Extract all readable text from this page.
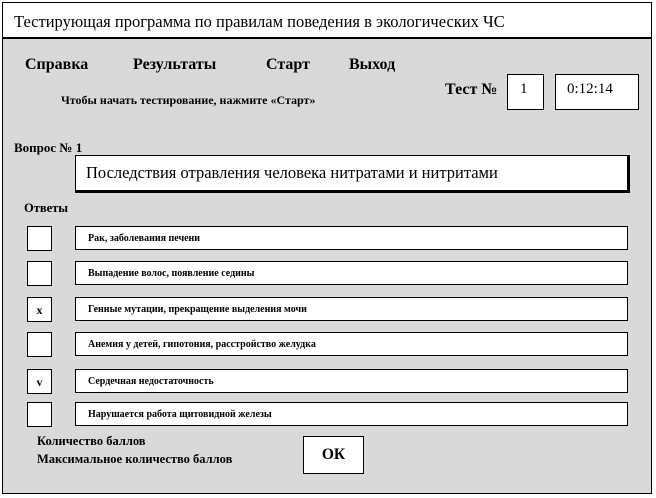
Тестирующая программа по правилам поведения в экологических ЧС
Справка	Результаты	Старт Выход
Чтобы начать тестирование, нажмите «Старт»
Тест №	1	0:12:14
Вопрос № 1
Последствия отравления человека нитратами и нитритами
Ответы
Рак, заболевания печени
Выпадение волос, появление седины
x	Генные мутации, прекращение выделения мочи
Анемия у детей, гипотония, расстройство желудка
v	Сердечная недостаточность
Нарушается работа щитовидной железы
Количество баллов
Максимальное количество баллов	ОК
